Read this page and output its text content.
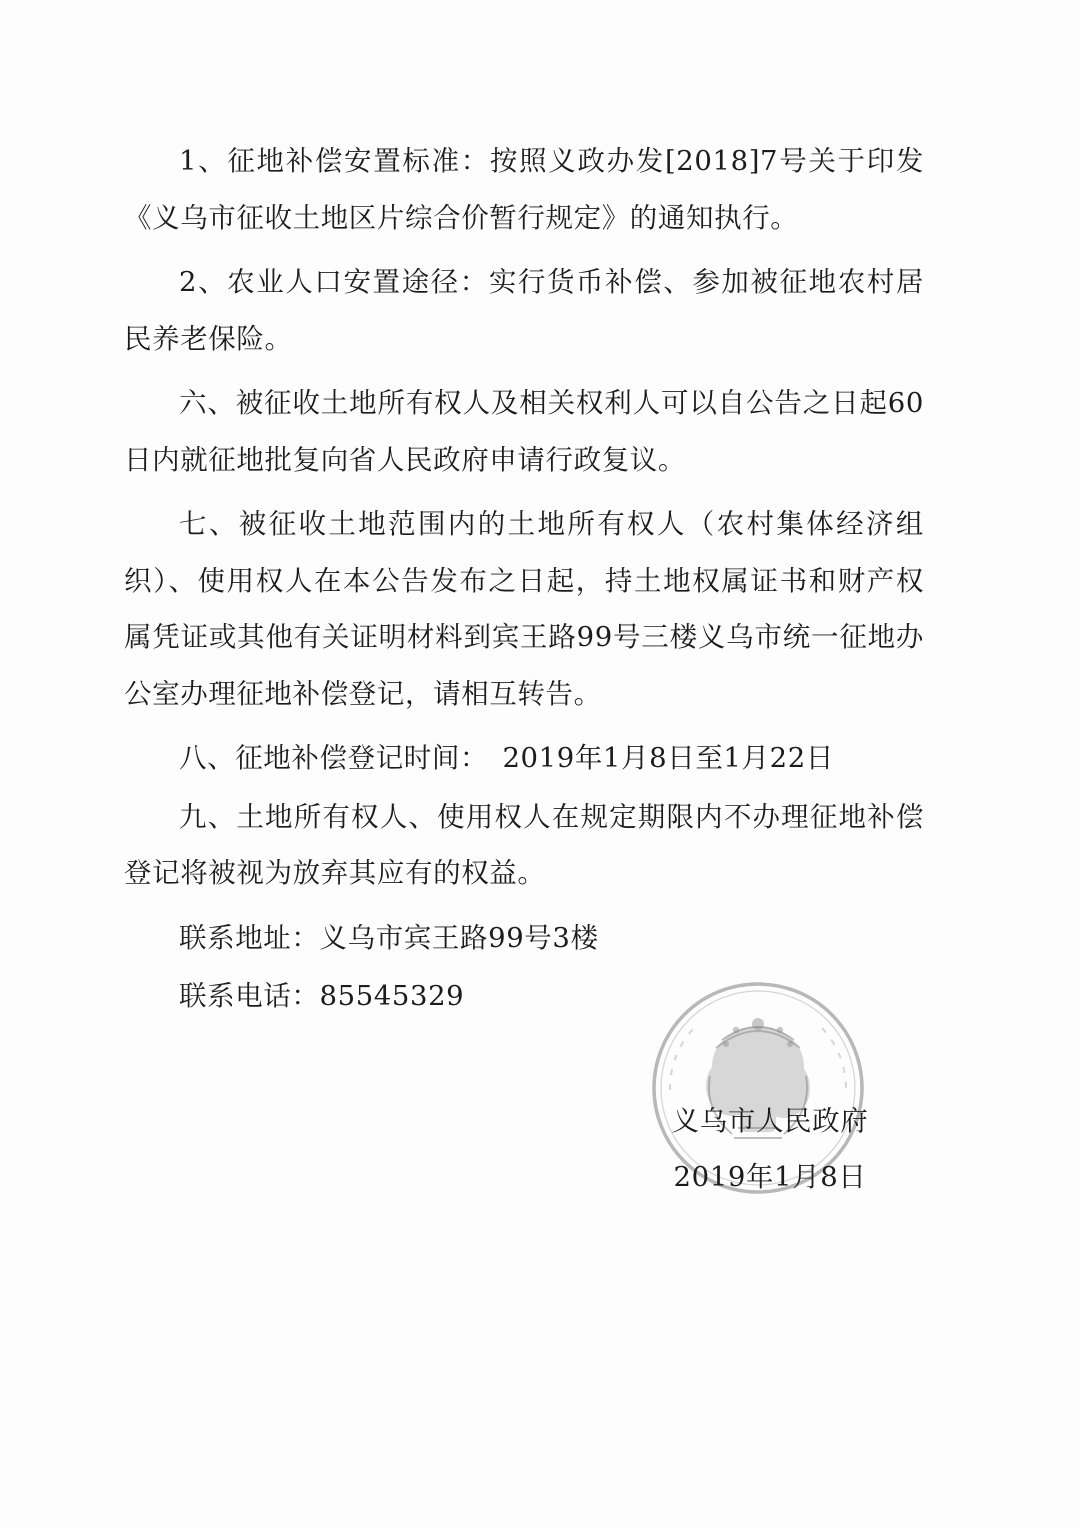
1、征地补偿安置标准：按照义政办发[2018]7号关于印发《义乌市征收土地区片综合价暂行规定》的通知执行。

2、农业人口安置途径：实行货币补偿、参加被征地农村居民养老保险。

六、被征收土地所有权人及相关权利人可以自公告之日起60日内就征地批复向省人民政府申请行政复议。

七、被征收土地范围内的土地所有权人（农村集体经济组织）、使用权人在本公告发布之日起，持土地权属证书和财产权属凭证或其他有关证明材料到宾王路99号三楼义乌市统一征地办公室办理征地补偿登记，请相互转告。

八、征地补偿登记时间：　2019年1月8日至1月22日

九、土地所有权人、使用权人在规定期限内不办理征地补偿登记将被视为放弃其应有的权益。

联系地址：义乌市宾王路99号3楼

联系电话：85545329

义乌市人民政府
2019年1月8日
